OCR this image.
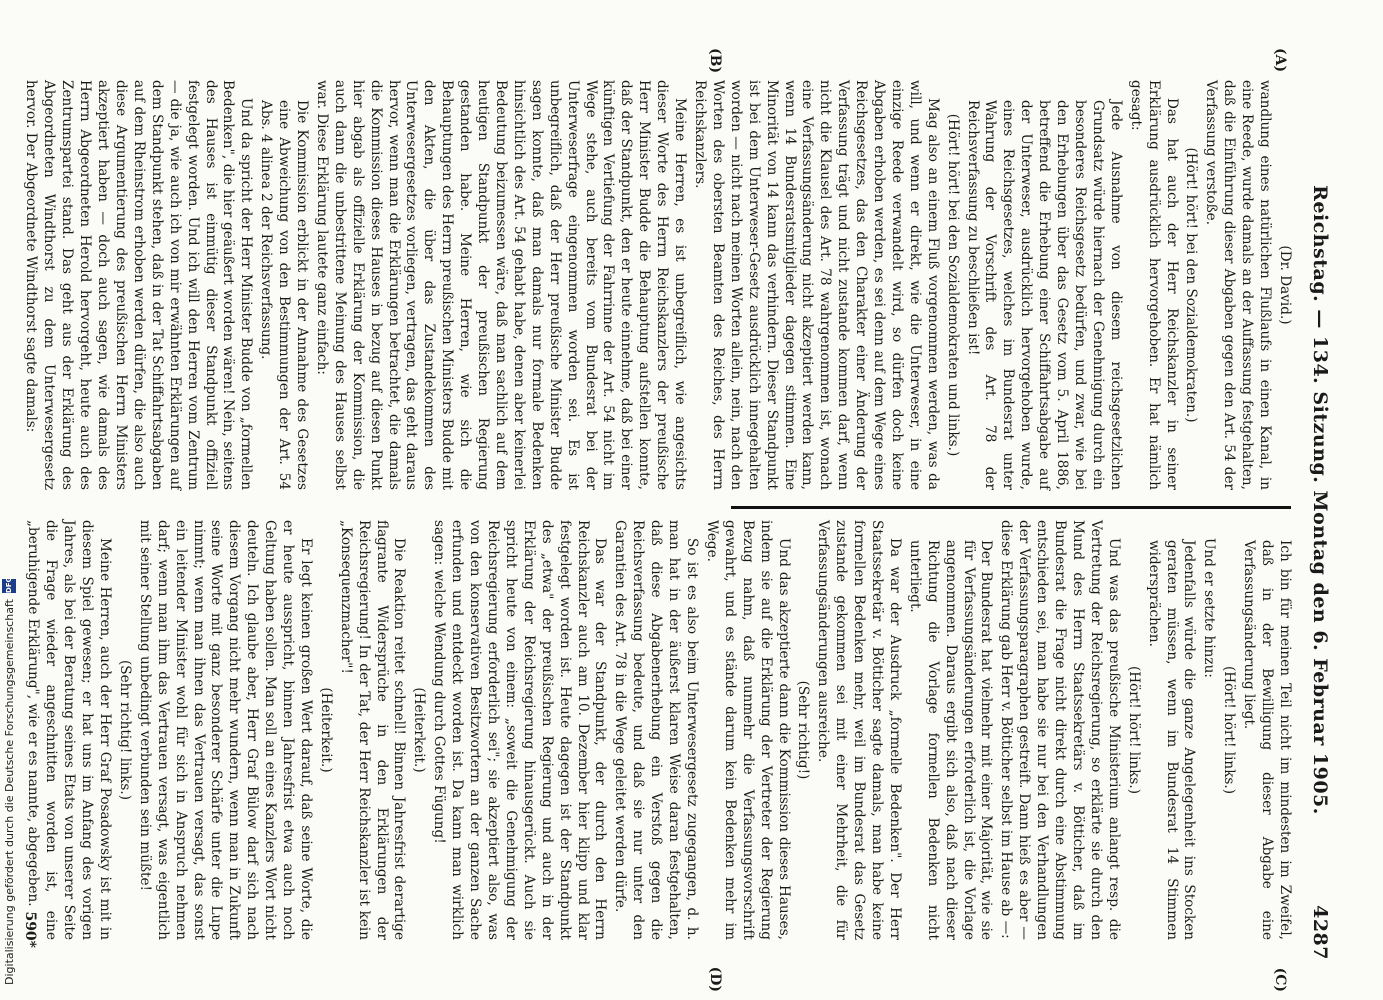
Reichstag. — 134. Sitzung. Montag den 6. Februar 1905.
4287
(A)
(B)
(C)
(D)

(Dr. David.)

wandlung eines natürlichen Flußlaufs in einen Kanal, in eine Reede, wurde damals an der Auffassung festgehalten, daß die Einführung dieser Abgaben gegen den Art. 54 der Verfassung verstoße.

(Hört! hört! bei den Sozialdemokraten.)

Das hat auch der Herr Reichskanzler in seiner Erklärung ausdrücklich hervorgehoben. Er hat nämlich gesagt:

Jede Ausnahme von diesem reichsgesetzlichen Grundsatz würde hiernach der Genehmigung durch ein besonderes Reichsgesetz bedürfen, und zwar, wie bei den Erhebungen über das Gesetz vom 5. April 1886, betreffend die Erhebung einer Schiffahrtsabgabe auf der Unterweser, ausdrücklich hervorgehoben wurde, eines Reichsgesetzes, welches im Bundesrat unter Wahrung der Vorschrift des Art. 78 der Reichsverfassung zu beschließen ist!

(Hört! hört! bei den Sozialdemokraten und links.)

Mag also an einem Fluß vorgenommen werden, was da will, und wenn er direkt, wie die Unterweser, in eine einzige Reede verwandelt wird, so dürfen doch keine Abgaben erhoben werden, es sei denn auf dem Wege eines Reichsgesetzes, das den Charakter einer Änderung der Verfassung trägt und nicht zustande kommen darf, wenn nicht die Klausel des Art. 78 wahrgenommen ist, wonach eine Verfassungsänderung nicht akzeptiert werden kann, wenn 14 Bundesratsmitglieder dagegen stimmen. Eine Minorität von 14 kann das verhindern. Dieser Standpunkt ist bei dem Unterweser-Gesetz ausdrücklich innegehalten worden — nicht nach meinen Worten allein, nein, nach den Worten des obersten Beamten des Reiches, des Herrn Reichskanzlers.

Meine Herren, es ist unbegreiflich, wie angesichts dieser Worte des Herrn Reichskanzlers der preußische Herr Minister Budde die Behauptung aufstellen konnte, daß der Standpunkt, den er heute einnehme, daß bei einer künftigen Vertiefung der Fahrrinne der Art. 54 nicht im Wege stehe, auch bereits vom Bundesrat bei der Unterweserfrage eingenommen worden sei. Es ist unbegreiflich, daß der Herr preußische Minister Budde sagen konnte, daß man damals nur formale Bedenken hinsichtlich des Art. 54 gehabt habe, denen aber keinerlei Bedeutung beizumessen wäre, daß man sachlich auf dem heutigen Standpunkt der preußischen Regierung gestanden habe. Meine Herren, wie sich die Behauptungen des Herrn preußischen Ministers Budde mit den Akten, die über das Zustandekommen des Unterwesergesetzes vorliegen, vertragen, das geht daraus hervor, wenn man die Erklärungen betrachtet, die damals die Kommission dieses Hauses in bezug auf diesen Punkt hier abgab als offizielle Erklärung der Kommission, die auch dann die unbestrittene Meinung des Hauses selbst war. Diese Erklärung lautete ganz einfach:

Die Kommission erblickt in der Annahme des Gesetzes eine Abweichung von den Bestimmungen der Art. 54 Abs. 4 alinea 2 der Reichsverfassung.

Und da spricht der Herr Minister Budde von „formellen Bedenken", die hier geäußert worden wären! Nein, seitens des Hauses ist einmütig dieser Standpunkt offiziell festgelegt worden. Und ich will den Herren vom Zentrum — die ja, wie auch ich von mir erwähnten Erklärungen auf dem Standpunkt stehen, daß in der Tat Schiffahrtsabgaben auf dem Rheinstrom erhoben werden dürfen, die also auch diese Argumentierung des preußischen Herrn Ministers akzeptiert haben — doch auch sagen, wie damals des Herrn Abgeordneten Herold hervorgeht, heute auch des Zentrumspartei stand. Das geht aus der Erklärung des Abgeordneten Windthorst zu dem Unterwesergesetz hervor. Der Abgeordnete Windthorst sagte damals:

Ich bin für meinen Teil nicht im mindesten im Zweifel, daß in der Bewilligung dieser Abgabe eine Verfassungsänderung liegt.

(Hört! hört! links.)

Und er setzte hinzu:

Jedenfalls würde die ganze Angelegenheit ins Stocken geraten müssen, wenn im Bundesrat 14 Stimmen widersprächen.

(Hört! hört! links.)

Und was das preußische Ministerium anlangt resp. die Vertretung der Reichsregierung, so erklärte sie durch den Mund des Herrn Staatssekretärs v. Bötticher, daß im Bundesrat die Frage nicht direkt durch eine Abstimmung entschieden sei, man habe sie nur bei den Verhandlungen der Verfassungsparagraphen gestreift. Dann hieß es aber — diese Erklärung gab Herr v. Bötticher selbst im Hause ab —:

Der Bundesrat hat vielmehr mit einer Majorität, wie sie für Verfassungsänderungen erforderlich ist, die Vorlage angenommen. Daraus ergibt sich also, daß nach dieser Richtung die Vorlage formellen Bedenken nicht unterliegt.

Da war der Ausdruck „formelle Bedenken". Der Herr Staatssekretär v. Bötticher sagte damals, man habe keine formellen Bedenken mehr, weil im Bundesrat das Gesetz zustande gekommen sei mit einer Mehrheit, die für Verfassungsänderungen ausreiche.

(Sehr richtig!)

Und das akzeptierte dann die Kommission dieses Hauses, indem sie auf die Erklärung der Vertreter der Regierung Bezug nahm, daß nunmehr die Verfassungsvorschrift gewahrt, und es stände darum kein Bedenken mehr im Wege.

So ist es also beim Unterwesergesetz zugegangen, d. h. man hat in der äußerst klaren Weise daran festgehalten, daß diese Abgabenerhebung ein Verstoß gegen die Reichsverfassung bedeute, und daß sie nur unter den Garantien des Art. 78 in die Wege geleitet werden dürfe.

Das war der Standpunkt, der durch den Herrn Reichskanzler auch am 10. Dezember hier klipp und klar festgelegt worden ist. Heute dagegen ist der Standpunkt des „etwa" der preußischen Regierung und auch in der Erklärung der Reichsregierung hinausgerückt. Auch sie spricht heute von einem: „soweit die Genehmigung der Reichsregierung erforderlich sei"; sie akzeptiert also, was von den konservativen Besitzwortern an der ganzen Sache erfunden und entdeckt worden ist. Da kann man wirklich sagen: welche Wendung durch Gottes Fügung!

(Heiterkeit.)

Die Reaktion reitet schnell! Binnen Jahresfrist derartige flagrante Widersprüche in den Erklärungen der Reichsregierung! In der Tat, der Herr Reichskanzler ist kein „Konsequenzmacher"!

(Heiterkeit.)

Er legt keinen großen Wert darauf, daß seine Worte, die er heute ausspricht, binnen Jahresfrist etwa auch noch Geltung haben sollen. Man soll an eines Kanzlers Wort nicht deuteln. Ich glaube aber, Herr Graf Bülow darf sich nach diesem Vorgang nicht mehr wundern, wenn man in Zukunft seine Worte mit ganz besonderer Schärfe unter die Lupe nimmt; wenn man ihnen das Vertrauen versagt, das sonst ein leitender Minister wohl für sich in Anspruch nehmen darf; wenn man ihm das Vertrauen versagt, was eigentlich mit seiner Stellung unbedingt verbunden sein müßte!

(Sehr richtig! links.)

Meine Herren, auch der Herr Graf Posadowsky ist mit in diesem Spiel gewesen; er hat uns im Anfang des vorigen Jahres, als bei der Beratung seines Etats von unserer Seite die Frage wieder angeschnitten worden ist, eine „beruhigende Erklärung", wie er es nannte, abgegeben.

590*
Digitalisierung gefördert durch die Deutsche Forschungsgemeinschaft
DFG
